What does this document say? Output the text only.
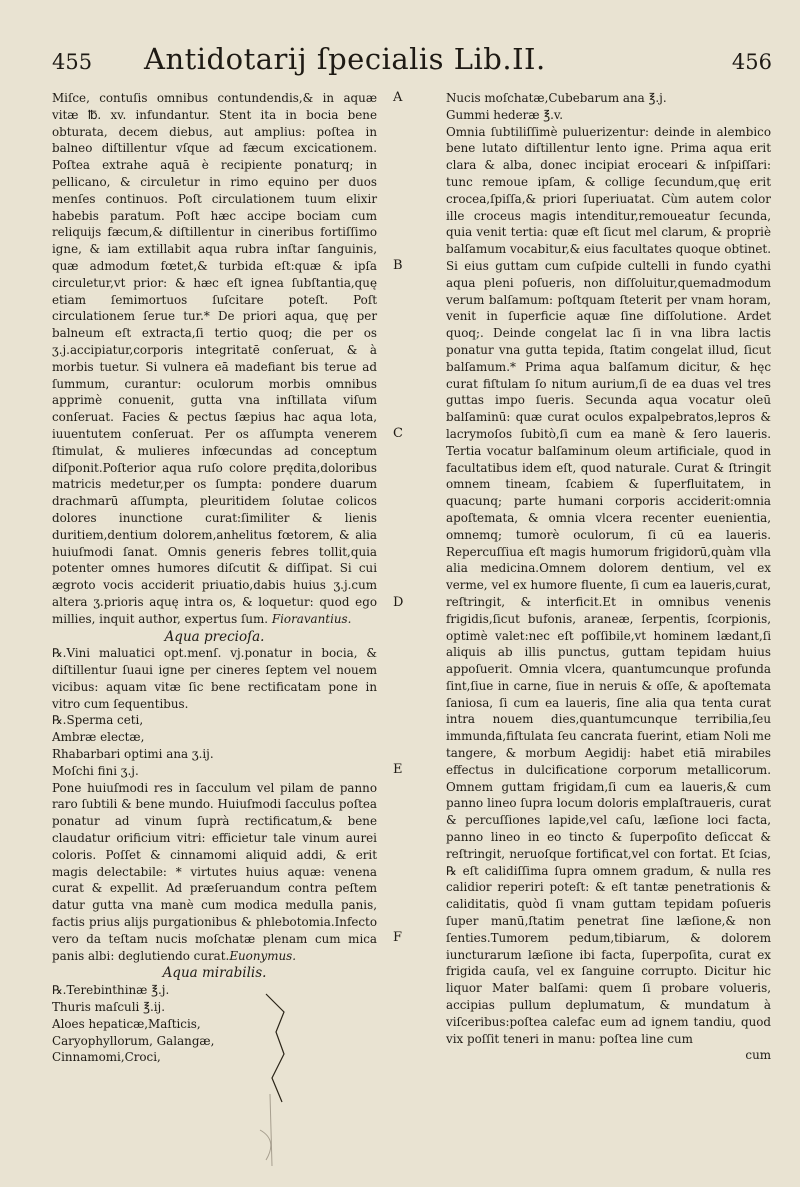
455 Antidotarij ſpecialis Lib.II.	456

Miſce, contuſis omnibus contundendis,& in aquæ vitæ ℔. xv. infundantur. Stent ita in bocia bene obturata, decem diebus, aut amplius: poſtea in balneo diſtillentur vſque ad fæcum excicationem. Poſtea extrahe aquā è recipiente ponaturq; in pellicano, & circuletur in rimo equino per duos menſes continuos. Poſt circulationem tuum elixir habebis paratum. Poſt hæc accipe bociam cum reliquijs fæcum,& diſtillentur in cineribus fortiſſimo igne, & iam extillabit aqua rubra inſtar ſanguinis, quæ admodum fœtet,& turbida eſt:quæ & ipſa circuletur,vt prior: & hæc eſt ignea ſubſtantia,quę etiam ſemimortuos ſuſcitare poteſt. Poſt circulationem ſerue tur.* De priori aqua, quę per balneum eſt extracta,ſi tertio quoq; die per os ʒ.j.accipiatur,corporis integritatē conſeruat, & à morbis tuetur. Si vulnera eā madefiant bis terue ad ſummum, curantur: oculorum morbis omnibus apprimè conuenit, gutta vna inſtillata viſum conſeruat. Facies & pectus ſæpius hac aqua lota, iuuentutem conſeruat. Per os aſſumpta venerem ſtimulat, & mulieres infœcundas ad conceptum diſponit.Poſterior aqua ruſo colore prędita,doloribus matricis medetur,per os ſumpta: pondere duarum drachmarū aſſumpta, pleuritidem ſolutae colicos dolores inunctione curat:ſimiliter & lienis duritiem,dentium dolorem,anhelitus fœtorem, & alia huiuſmodi ſanat. Omnis generis febres tollit,quia potenter omnes humores diſcutit & diſſipat. Si cui ægroto vocis acciderit priuatio,dabis huius ʒ.j.cum altera ʒ.prioris aquę intra os, & loquetur: quod ego millies, inquit author, expertus ſum. Fioravantius.

Aqua precioſa.

℞.Vini maluatici opt.menſ. vj.ponatur in bocia, & diſtillentur ſuaui igne per cineres ſeptem vel nouem vicibus: aquam vitæ ſic bene rectificatam pone in vitro cum ſequentibus.

℞.Sperma ceti,
Ambræ electæ,
Rhabarbari optimi ana ʒ.ij.
Moſchi fini ʒ.j.

Pone huiuſmodi res in ſacculum vel pilam de panno raro ſubtili & bene mundo. Huiuſmodi ſacculus poſtea ponatur ad vinum ſuprà rectificatum,& bene claudatur orificium vitri: efficietur tale vinum aurei coloris. Poſſet & cinnamomi aliquid addi, & erit magis delectabile: * virtutes huius aquæ: venena curat & expellit. Ad præſeruandum contra peſtem datur gutta vna manè cum modica medulla panis, factis prius alijs purgationibus & phlebotomia.Infecto vero da teſtam nucis moſchatæ plenam cum mica panis albi: deglutiendo curat.Euonymus.

Aqua mirabilis.
℞.Terebinthinæ ℥.j.
Thuris maſculi ℥.ij.
Aloes hepaticæ,Maſticis,
Caryophyllorum, Galangæ,
Cinnamomi,Croci,
A
B
C
D
E
F
Nucis moſchatæ,Cubebarum ana ℥.j.
Gummi hederæ ℥.v.

Omnia ſubtiliſſimè puluerizentur: deinde in alembico bene lutato diſtillentur lento igne. Prima aqua erit clara & alba, donec incipiat eroceari & inſpiſſari: tunc remoue ipſam, & collige ſecundum,quę erit crocea,ſpiſſa,& priori ſuperiuatat. Cùm autem color ille croceus magis intenditur,remoueatur ſecunda, quia venit tertia: quæ eſt ſicut mel clarum, & propriè balſamum vocabitur,& eius facultates quoque obtinet. Si eius guttam cum cuſpide cultelli in fundo cyathi aqua pleni poſueris, non diſſoluitur,quemadmodum verum balſamum: poſtquam ſteterit per vnam horam, venit in ſuperficie aquæ ſine diſſolutione. Ardet quoq;. Deinde congelat lac ſi in vna libra lactis ponatur vna gutta tepida, ſtatim congelat illud, ſicut balſamum.* Prima aqua balſamum dicitur, & hęc curat fiſtulam ſo nitum aurium,ſi de ea duas vel tres guttas impo ſueris. Secunda aqua vocatur oleū balſaminū: quæ curat oculos expalpebratos,lepros & lacrymoſos ſubitò,ſi cum ea manè & ſero laueris. Tertia vocatur balſaminum oleum artificiale, quod in facultatibus idem eſt, quod naturale. Curat & ſtringit omnem tineam, ſcabiem & ſuperfluitatem, in quacunq; parte humani corporis acciderit:omnia apoſtemata, & omnia vlcera recenter euenientia, omnemq; tumorè oculorum, ſi cū ea laueris. Repercuſſiua eſt magis humorum frigidorū,quàm vlla alia medicina.Omnem dolorem dentium, vel ex verme, vel ex humore fluente, ſi cum ea laueris,curat, reſtringit, & interficit.Et in omnibus venenis frigidis,ſicut bufonis, araneæ, ſerpentis, ſcorpionis, optimè valet:nec eſt poſſibile,vt hominem lædant,ſi aliquis ab illis punctus, guttam tepidam huius appoſuerit. Omnia vlcera, quantumcunque profunda ſint,ſiue in carne, ſiue in neruis & oſſe, & apoſtemata ſaniosa, ſi cum ea laueris, ſine alia qua tenta curat intra nouem dies,quantumcunque terribilia,ſeu immunda,fiſtulata ſeu cancrata fuerint, etiam Noli me tangere, & morbum Aegidij: habet etiā mirabiles effectus in dulcificatione corporum metallicorum. Omnem guttam frigidam,ſi cum ea laueris,& cum panno lineo ſupra locum doloris emplaſtraueris, curat & percuſſiones lapide,vel caſu, læſione loci facta, panno lineo in eo tincto & ſuperpoſito deſiccat & reſtringit, neruoſque fortificat,vel con fortat. Et ſcias, ℞ eſt calidiſſima ſupra omnem gradum, & nulla res calidior reperiri poteſt: & eſt tantæ penetrationis & caliditatis, quòd ſi vnam guttam tepidam poſueris ſuper manū,ſtatim penetrat ſine læſione,& non ſenties.Tumorem pedum,tibiarum, & dolorem iuncturarum læſione ibi facta, ſuperpoſita, curat ex frigida cauſa, vel ex ſanguine corrupto. Dicitur hic liquor Mater balſami: quem ſi probare volueris, accipias pullum deplumatum, & mundatum à viſceribus:poſtea calefac eum ad ignem tandiu, quod vix poſſit teneri in manu: poſtea line cum

cum
